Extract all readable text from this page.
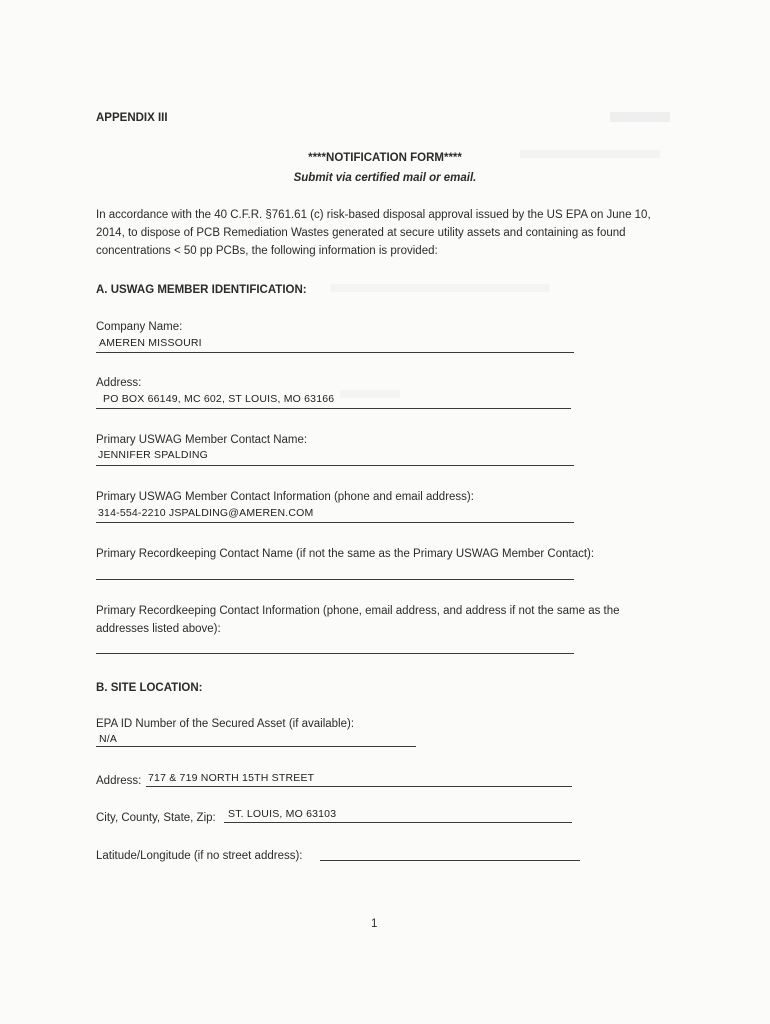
APPENDIX III
****NOTIFICATION FORM****
Submit via certified mail or email.
In accordance with the 40 C.F.R. §761.61 (c) risk-based disposal approval issued by the US EPA on June 10, 2014, to dispose of PCB Remediation Wastes generated at secure utility assets and containing as found concentrations < 50 pp PCBs, the following information is provided:
A. USWAG MEMBER IDENTIFICATION:
Company Name:
AMEREN MISSOURI
Address:
PO BOX 66149, MC 602, ST LOUIS, MO 63166
Primary USWAG Member Contact Name:
JENNIFER SPALDING
Primary USWAG Member Contact Information (phone and email address):
314-554-2210 JSPALDING@AMEREN.COM
Primary Recordkeeping Contact Name (if not the same as the Primary USWAG Member Contact):
Primary Recordkeeping Contact Information (phone, email address, and address if not the same as the addresses listed above):
B. SITE LOCATION:
EPA ID Number of the Secured Asset (if available):
N/A
Address: 717 & 719 NORTH 15TH STREET
City, County, State, Zip: ST. LOUIS, MO 63103
Latitude/Longitude (if no street address):
1
